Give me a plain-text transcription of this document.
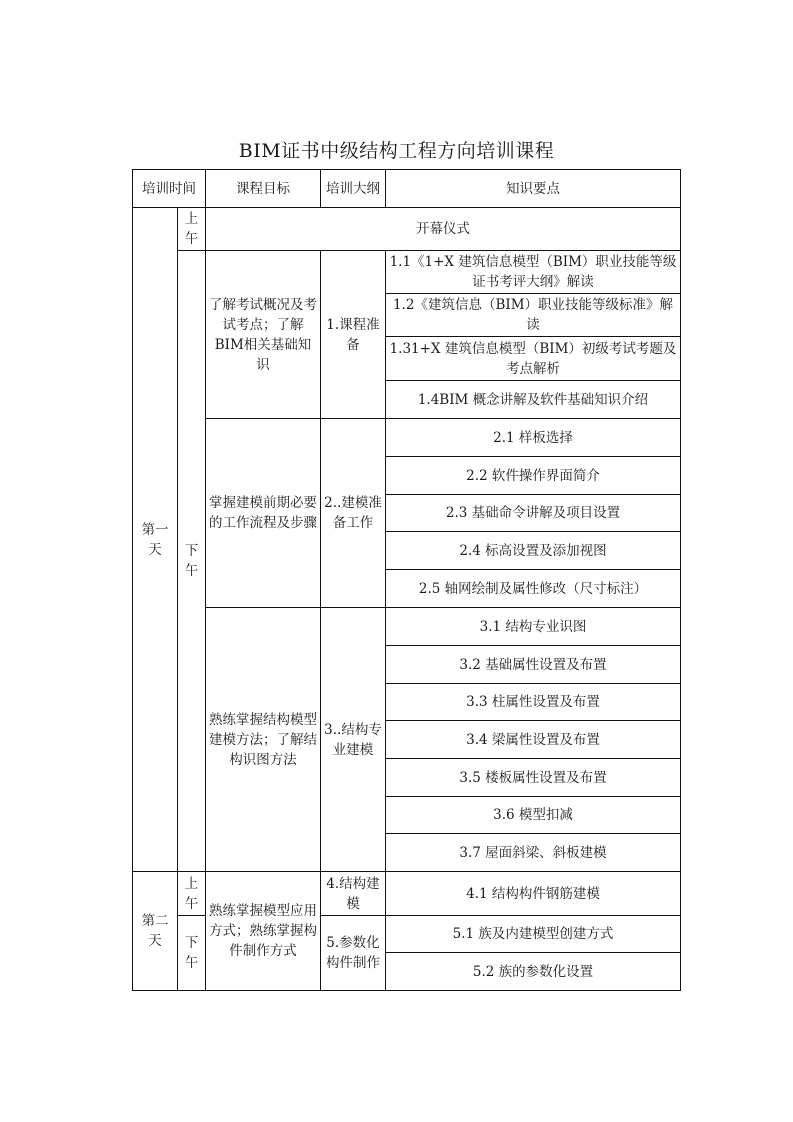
BIM证书中级结构工程方向培训课程
培训时间		课程目标	培训大纲	知识要点
第一天	上午	开幕仪式		
	下午	了解考试概况及考试考点；了解BIM相关基础知识	1.课程准备	1.1《1+X 建筑信息模型（BIM）职业技能等级证书考评大纲》解读
				1.2《建筑信息（BIM）职业技能等级标准》解读
				1.31+X 建筑信息模型（BIM）初级考试考题及考点解析
				1.4BIM 概念讲解及软件基础知识介绍
		掌握建模前期必要的工作流程及步骤	2..建模准备工作	2.1 样板选择
				2.2 软件操作界面简介
				2.3 基础命令讲解及项目设置
				2.4 标高设置及添加视图
				2.5 轴网绘制及属性修改（尺寸标注）
		熟练掌握结构模型建模方法；了解结构识图方法	3..结构专业建模	3.1 结构专业识图
				3.2 基础属性设置及布置
				3.3 柱属性设置及布置
				3.4 梁属性设置及布置
				3.5 楼板属性设置及布置
				3.6 模型扣减
				3.7 屋面斜梁、斜板建模
第二天	上午	熟练掌握模型应用方式；熟练掌握构件制作方式	4.结构建模	4.1 结构构件钢筋建模
	下午		5.参数化构件制作	5.1 族及内建模型创建方式
				5.2 族的参数化设置
